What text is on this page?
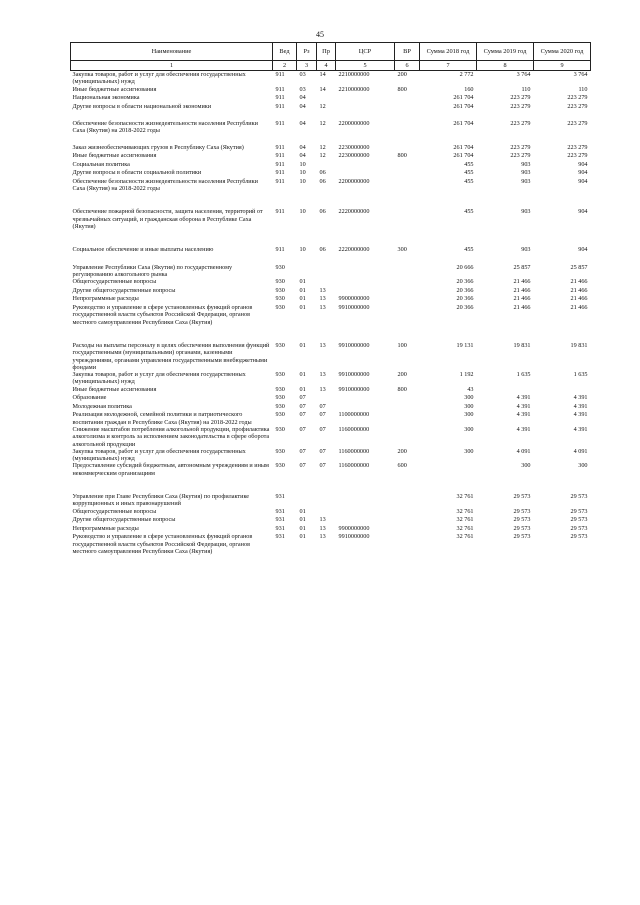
45
Наименование	Вед	Рз	Пр	ЦСР	ВР	Сумма 2018 год	Сумма 2019 год	Сумма 2020 год
1	2	3	4	5	6	7	8	9
Закупка товаров, работ и услуг для обеспечения государственных (муниципальных) нужд	911	03	14	2210000000	200	2 772	3 764	3 764
Иные бюджетные ассигнования	911	03	14	2210000000	800	160	110	110
Национальная экономика	911	04				261 704	223 279	223 279
Другие вопросы в области национальной экономики	911	04	12			261 704	223 279	223 279

Обеспечение безопасности жизнедеятельности населения Республики Саха (Якутия) на 2018-2022 годы	911	04	12	2200000000		261 704	223 279	223 279

Заказ жизнеобеспечивающих грузов в Республику Саха (Якутия)	911	04	12	2230000000		261 704	223 279	223 279
Иные бюджетные ассигнования	911	04	12	2230000000	800	261 704	223 279	223 279
Социальная политика	911	10				455	903	904
Другие вопросы в области социальной политики	911	10	06			455	903	904
Обеспечение безопасности жизнедеятельности населения Республики Саха (Якутия) на 2018-2022 годы	911	10	06	2200000000		455	903	904

Обеспечение пожарной безопасности, защита населения, территорий от чрезвычайных ситуаций, и гражданская оборона в Республике Саха (Якутия)	911	10	06	2220000000		455	903	904

Социальное обеспечение и иные выплаты населению	911	10	06	2220000000	300	455	903	904

Управление Республики Саха (Якутия) по государственному регулированию алкогольного рынка	930					20 666	25 857	25 857
Общегосударственные вопросы	930	01				20 366	21 466	21 466
Другие общегосударственные вопросы	930	01	13			20 366	21 466	21 466
Непрограммные расходы	930	01	13	9900000000		20 366	21 466	21 466
Руководство и управление в сфере установленных функций органов государственной власти субъектов Российской Федерации, органов местного самоуправления Республики Саха (Якутия)	930	01	13	9910000000		20 366	21 466	21 466

Расходы на выплаты персоналу в целях обеспечения выполнения функций государственными (муниципальными) органами, казенными учреждениями, органами управления государственными внебюджетными фондами	930	01	13	9910000000	100	19 131	19 831	19 831
Закупка товаров, работ и услуг для обеспечения государственных (муниципальных) нужд	930	01	13	9910000000	200	1 192	1 635	1 635
Иные бюджетные ассигнования	930	01	13	9910000000	800	43		
Образование	930	07				300	4 391	4 391
Молодежная политика	930	07	07			300	4 391	4 391
Реализация молодежной, семейной политики и патриотического воспитания граждан в Республике Саха (Якутия) на 2018-2022 годы	930	07	07	1100000000		300	4 391	4 391
Снижение масштабов потребления алкогольной продукции, профилактика алкоголизма и контроль за исполнением законодательства в сфере оборота алкогольной продукции	930	07	07	1160000000		300	4 391	4 391
Закупка товаров, работ и услуг для обеспечения государственных (муниципальных) нужд	930	07	07	1160000000	200	300	4 091	4 091
Предоставление субсидий бюджетным, автономным учреждениям и иным некоммерческим организациям	930	07	07	1160000000	600		300	300

Управление при Главе Республики Саха (Якутия) по профилактике коррупционных и иных правонарушений	931					32 761	29 573	29 573
Общегосударственные вопросы	931	01				32 761	29 573	29 573
Другие общегосударственные вопросы	931	01	13			32 761	29 573	29 573
Непрограммные расходы	931	01	13	9900000000		32 761	29 573	29 573
Руководство и управление в сфере установленных функций органов государственной власти субъектов Российской Федерации, органов местного самоуправления Республики Саха (Якутия)	931	01	13	9910000000		32 761	29 573	29 573
